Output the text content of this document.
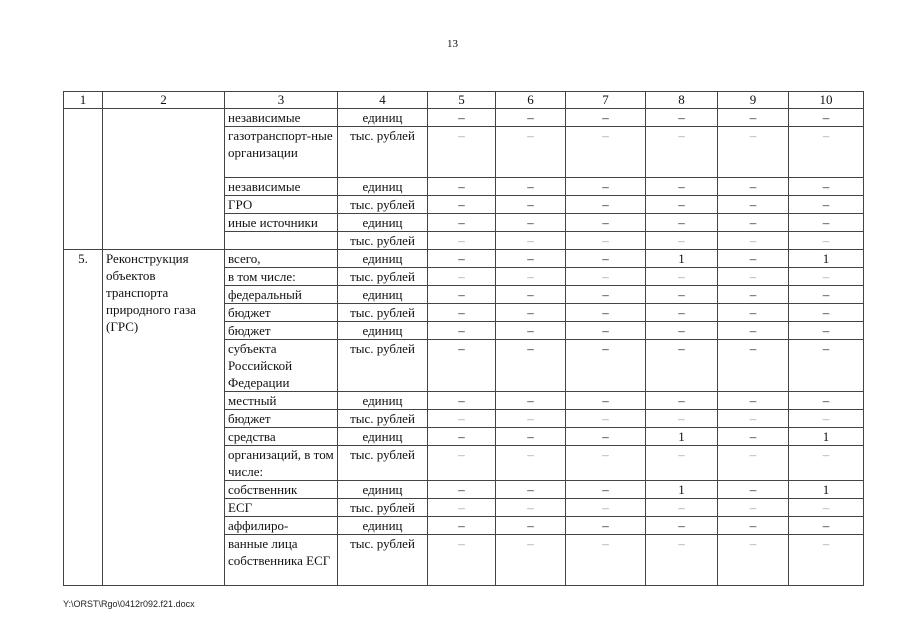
13
1	2	3	4	5	6	7	8	9	10
		независимые	единиц	–	–	–	–	–	–
		газотранспорт-ные организации	тыс. рублей	–	–	–	–	–	–
		независимые	единиц	–	–	–	–	–	–
		ГРО	тыс. рублей	–	–	–	–	–	–
		иные источники	единиц	–	–	–	–	–	–
			тыс. рублей	–	–	–	–	–	–
5.	Реконструкция объектов транспорта природного газа (ГРС)	всего,	единиц	–	–	–	1	–	1
		в том числе:	тыс. рублей	–	–	–	–	–	–
		федеральный	единиц	–	–	–	–	–	–
		бюджет	тыс. рублей	–	–	–	–	–	–
		бюджет	единиц	–	–	–	–	–	–
		субъекта Российской Федерации	тыс. рублей	–	–	–	–	–	–
		местный	единиц	–	–	–	–	–	–
		бюджет	тыс. рублей	–	–	–	–	–	–
		средства	единиц	–	–	–	1	–	1
		организаций, в том числе:	тыс. рублей	–	–	–	–	–	–
		собственник	единиц	–	–	–	1	–	1
		ЕСГ	тыс. рублей	–	–	–	–	–	–
		аффилиро-	единиц	–	–	–	–	–	–
		ванные лица собственника ЕСГ	тыс. рублей	–	–	–	–	–	–
Y:\ORST\Rgo\0412r092.f21.docx
